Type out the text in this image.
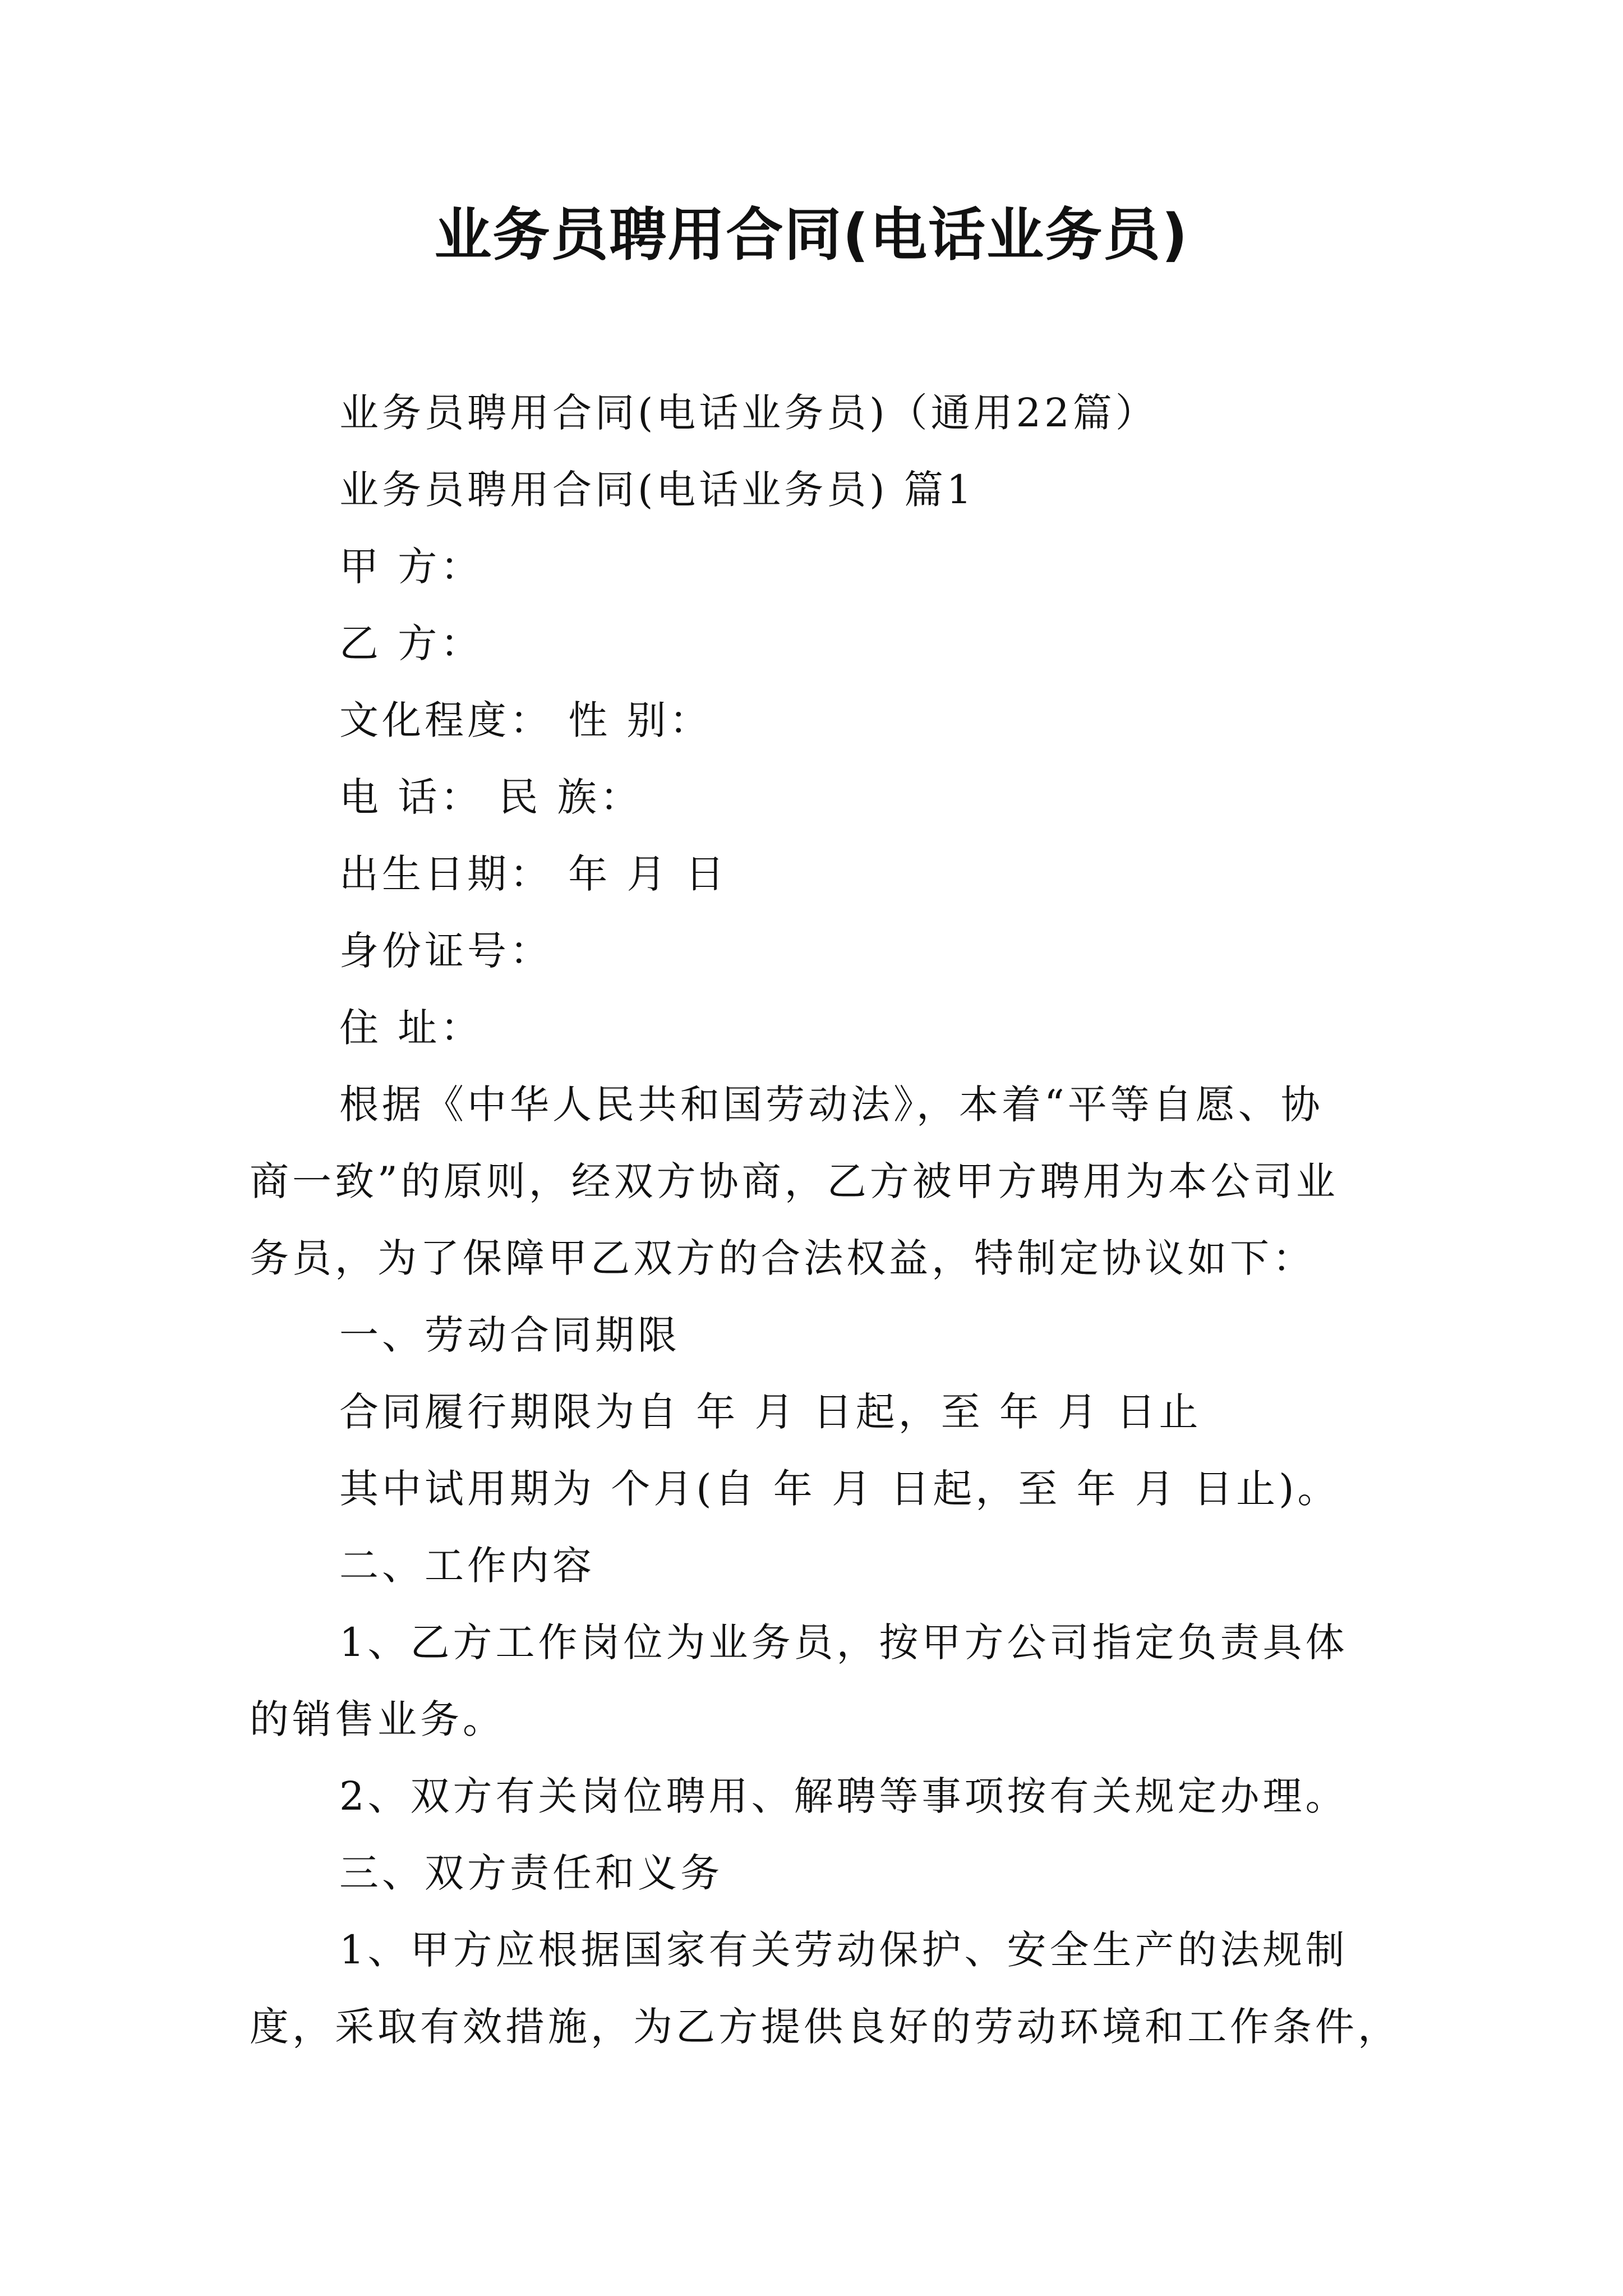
业务员聘用合同(电话业务员)
业务员聘用合同(电话业务员)（通用22篇）
业务员聘用合同(电话业务员) 篇1
甲 方：
乙 方：
文化程度： 性 别：
电 话： 民 族：
出生日期： 年 月 日
身份证号：
住 址：
根据《中华人民共和国劳动法》，本着“平等自愿、协
商一致”的原则，经双方协商，乙方被甲方聘用为本公司业
务员，为了保障甲乙双方的合法权益，特制定协议如下：
一、劳动合同期限
合同履行期限为自 年 月 日起，至 年 月 日止
其中试用期为 个月(自 年 月 日起，至 年 月 日止)。
二、工作内容
1、乙方工作岗位为业务员，按甲方公司指定负责具体
的销售业务。
2、双方有关岗位聘用、解聘等事项按有关规定办理。
三、双方责任和义务
1、甲方应根据国家有关劳动保护、安全生产的法规制
度，采取有效措施，为乙方提供良好的劳动环境和工作条件，
